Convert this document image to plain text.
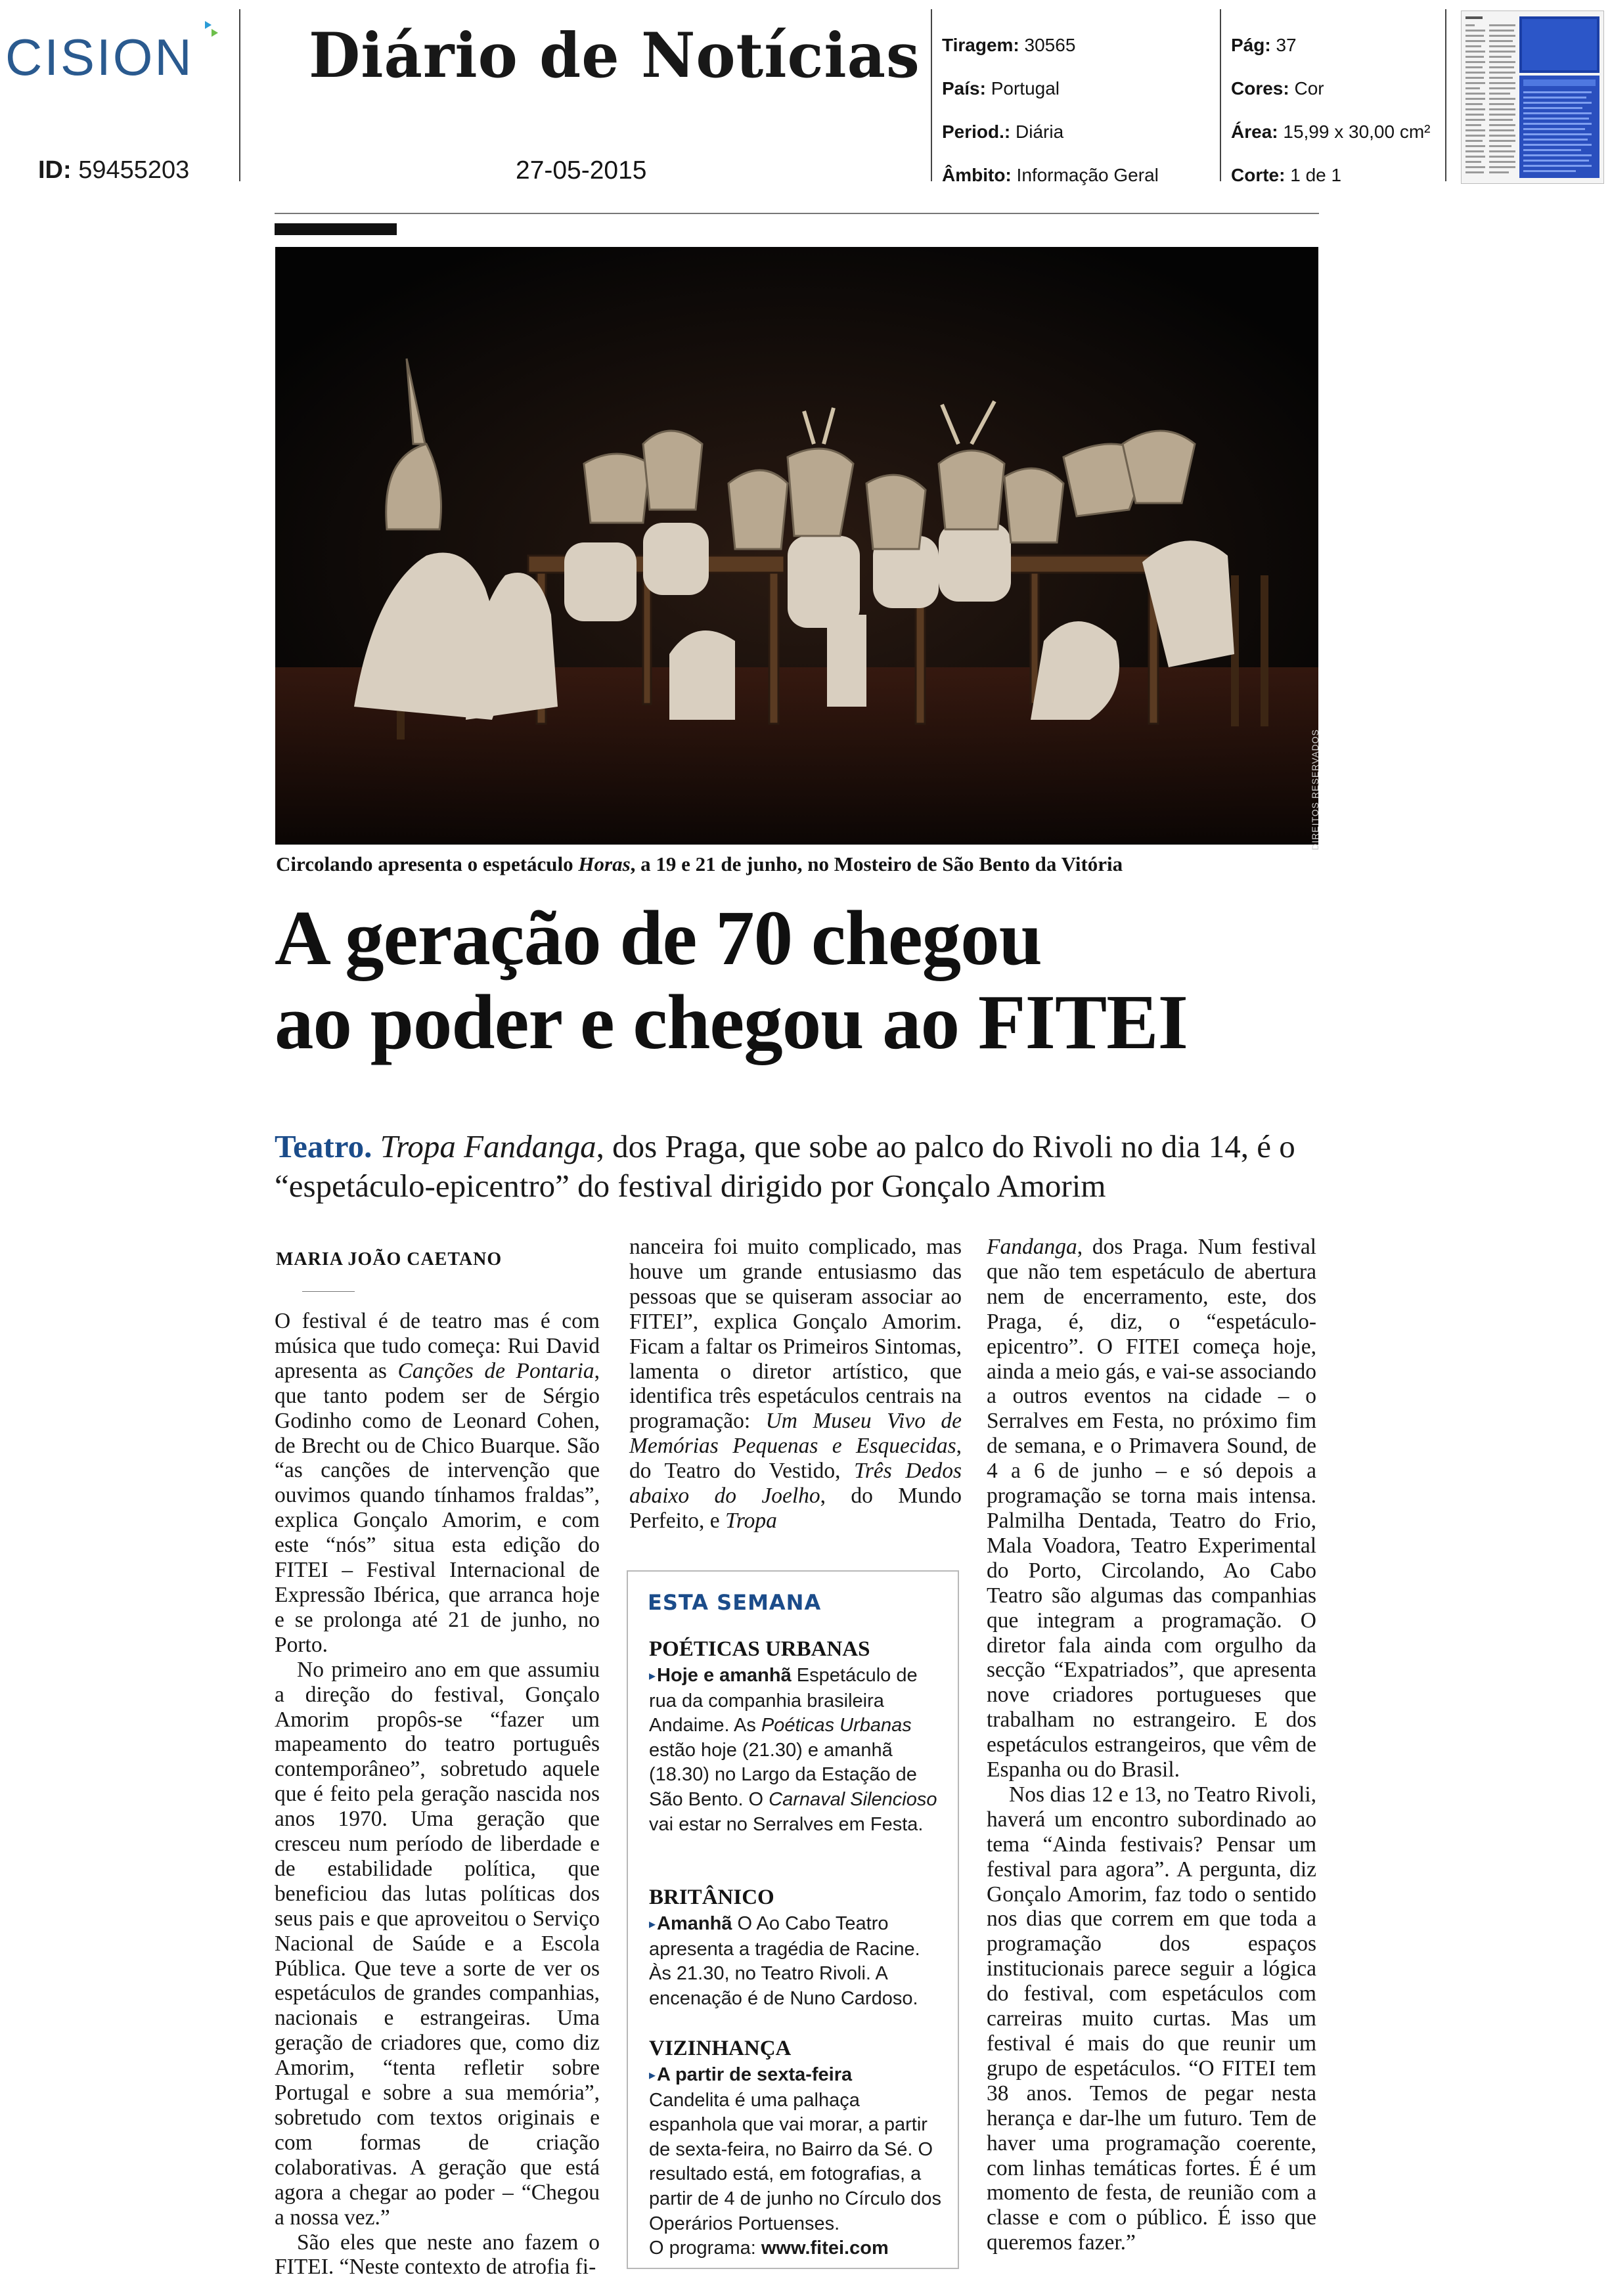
CISION
ID: 59455203
Diário de Notícias
27-05-2015
Tiragem: 30565
País: Portugal
Period.: Diária
Âmbito: Informação Geral
Pág: 37
Cores: Cor
Área: 15,99 x 30,00 cm²
Corte: 1 de 1
DIREITOS RESERVADOS
Circolando apresenta o espetáculo Horas, a 19 e 21 de junho, no Mosteiro de São Bento da Vitória
A geração de 70 chegou
ao poder e chegou ao FITEI
Teatro. Tropa Fandanga, dos Praga, que sobe ao palco do Rivoli no dia 14, é o “espetáculo-epicentro” do festival dirigido por Gonçalo Amorim
MARIA JOÃO CAETANO

O festival é de teatro mas é com música que tudo começa: Rui David apresenta as Canções de Pontaria, que tanto podem ser de Sérgio Godinho como de Leonard Cohen, de Brecht ou de Chico Buarque. São “as canções de intervenção que ouvimos quando tínhamos fraldas”, explica Gonçalo Amorim, e com este “nós” situa esta edição do FITEI – Festival Internacional de Expressão Ibérica, que arranca hoje e se prolonga até 21 de junho, no Porto.

No primeiro ano em que assumiu a direção do festival, Gonçalo Amorim propôs-se “fazer um mapeamento do teatro português contemporâneo”, sobretudo aquele que é feito pela geração nascida nos anos 1970. Uma geração que cresceu num período de liberdade e de estabilidade política, que beneficiou das lutas políticas dos seus pais e que aproveitou o Serviço Nacional de Saúde e a Escola Pública. Que teve a sorte de ver os espetáculos de grandes companhias, nacionais e estrangeiras. Uma geração de criadores que, como diz Amorim, “tenta refletir sobre Portugal e sobre a sua memória”, sobretudo com textos originais e com formas de criação colaborativas. A geração que está agora a chegar ao poder – “Chegou a nossa vez.”

São eles que neste ano fazem o FITEI. “Neste contexto de atrofia fi-

nanceira foi muito complicado, mas houve um grande entusiasmo das pessoas que se quiseram associar ao FITEI”, explica Gonçalo Amorim. Ficam a faltar os Primeiros Sintomas, lamenta o diretor artístico, que identifica três espetáculos centrais na programação: Um Museu Vivo de Memórias Pequenas e Esquecidas, do Teatro do Vestido, Três Dedos abaixo do Joelho, do Mundo Perfeito, e Tropa

ESTA SEMANA
POÉTICAS URBANAS
▸Hoje e amanhã Espetáculo de rua da companhia brasileira Andaime. As Poéticas Urbanas estão hoje (21.30) e amanhã (18.30) no Largo da Estação de São Bento. O Carnaval Silencioso vai estar no Serralves em Festa.
BRITÂNICO
▸Amanhã O Ao Cabo Teatro apresenta a tragédia de Racine. Às 21.30, no Teatro Rivoli. A encenação é de Nuno Cardoso.
VIZINHANÇA
▸A partir de sexta-feira
Candelita é uma palhaça espanhola que vai morar, a partir de sexta-feira, no Bairro da Sé. O resultado está, em fotografias, a partir de 4 de junho no Círculo dos Operários Portuenses.
O programa: www.fitei.com

Fandanga, dos Praga. Num festival que não tem espetáculo de abertura nem de encerramento, este, dos Praga, é, diz, o “espetáculo-epicentro”. O FITEI começa hoje, ainda a meio gás, e vai-se associando a outros eventos na cidade – o Serralves em Festa, no próximo fim de semana, e o Primavera Sound, de 4 a 6 de junho – e só depois a programação se torna mais intensa. Palmilha Dentada, Teatro do Frio, Mala Voadora, Teatro Experimental do Porto, Circolando, Ao Cabo Teatro são algumas das companhias que integram a programação. O diretor fala ainda com orgulho da secção “Expatriados”, que apresenta nove criadores portugueses que trabalham no estrangeiro. E dos espetáculos estrangeiros, que vêm de Espanha ou do Brasil.

Nos dias 12 e 13, no Teatro Rivoli, haverá um encontro subordinado ao tema “Ainda festivais? Pensar um festival para agora”. A pergunta, diz Gonçalo Amorim, faz todo o sentido nos dias que correm em que toda a programação dos espaços institucionais parece seguir a lógica do festival, com espetáculos com carreiras muito curtas. Mas um festival é mais do que reunir um grupo de espetáculos. “O FITEI tem 38 anos. Temos de pegar nesta herança e dar-lhe um futuro. Tem de haver uma programação coerente, com linhas temáticas fortes. É é um momento de festa, de reunião com a classe e com o público. É isso que queremos fazer.”
